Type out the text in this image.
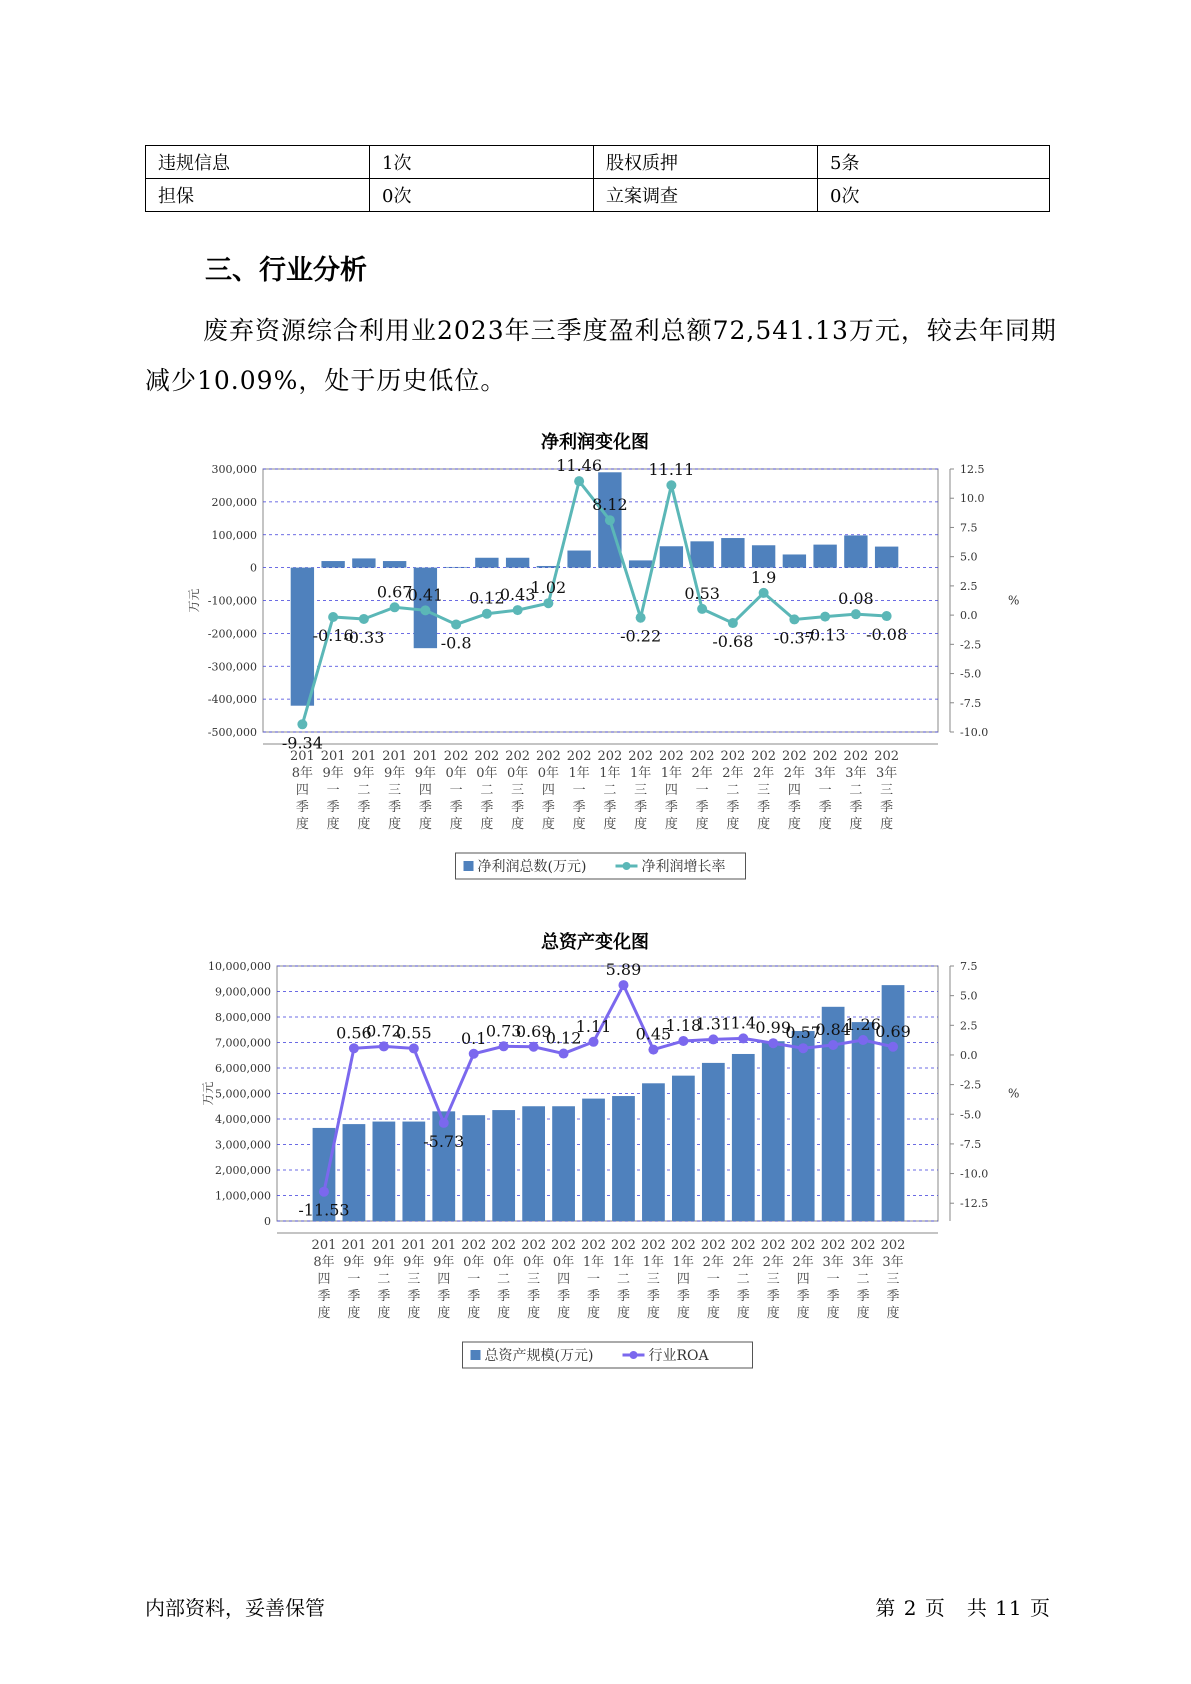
违规信息	1次	股权质押	5条
担保	0次	立案调查	0次
三、行业分析
废弃资源综合利用业2023年三季度盈利总额72,541.13万元，较去年同期减少10.09%，处于历史低位。
净利润变化图
-500,000
-400,000
-300,000
-200,000
-100,000
0
100,000
200,000
300,000
万元
-10.0
-7.5
-5.0
-2.5
0.0
2.5
5.0
7.5
10.0
12.5
%
-9.34
-0.16
-0.33
0.67
0.41
-0.8
0.12
0.43
1.02
11.46
8.12
-0.22
11.11
0.53
-0.68
1.9
-0.37
-0.13
0.08
-0.08
201
8年
四
季
度
201
9年
一
季
度
201
9年
二
季
度
201
9年
三
季
度
201
9年
四
季
度
202
0年
一
季
度
202
0年
二
季
度
202
0年
三
季
度
202
0年
四
季
度
202
1年
一
季
度
202
1年
二
季
度
202
1年
三
季
度
202
1年
四
季
度
202
2年
一
季
度
202
2年
二
季
度
202
2年
三
季
度
202
2年
四
季
度
202
3年
一
季
度
202
3年
二
季
度
202
3年
三
季
度
净利润总数(万元)	净利润增长率
总资产变化图
0
1,000,000
2,000,000
3,000,000
4,000,000
5,000,000
6,000,000
7,000,000
8,000,000
9,000,000
10,000,000
万元
-12.5
-10.0
-7.5
-5.0
-2.5
0.0
2.5
5.0
7.5
%
-11.53
0.56
0.72
0.55
-5.73
0.1 0.73
0.69
0.12
1.11
5.89
0.45
1.18
1.31 1.4 0.99
0.57
0.84
1.26
0.69
201
8年
四
季
度
201
9年
一
季
度
201
9年
二
季
度
201
9年
三
季
度
201
9年
四
季
度
202
0年
一
季
度
202
0年
二
季
度
202
0年
三
季
度
202
0年
四
季
度
202
1年
一
季
度
202
1年
二
季
度
202
1年
三
季
度
202
1年
四
季
度
202
2年
一
季
度
202
2年
二
季
度
202
2年
三
季
度
202
2年
四
季
度
202
3年
一
季
度
202
3年
二
季
度
202
3年
三
季
度
总资产规模(万元)	行业ROA
内部资料，妥善保管	第 2 页　共 11 页
